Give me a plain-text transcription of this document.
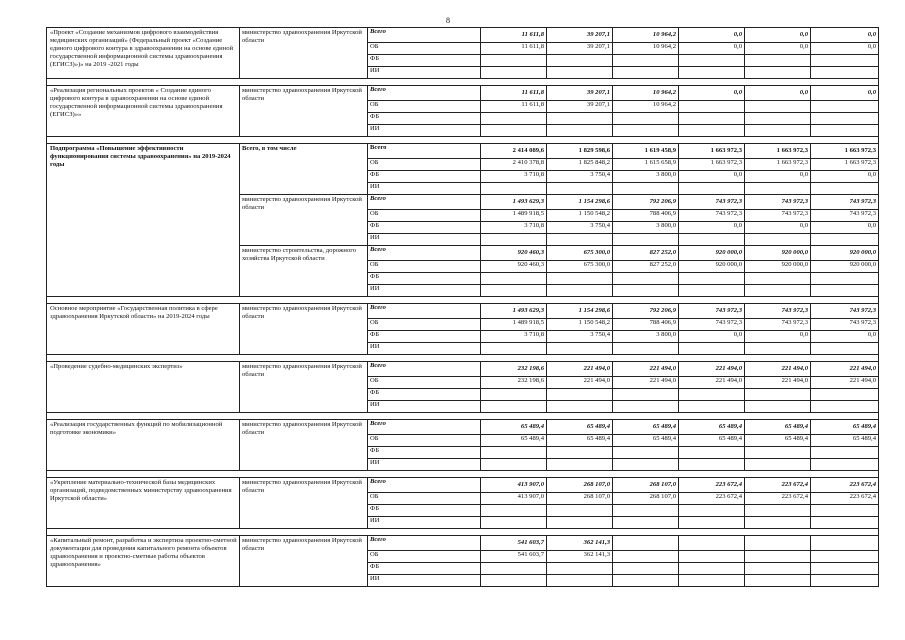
8
«Проект «Создание механизмов цифрового взаимодействия медицинских организаций» (Федеральный проект «Создание единого цифрового контура в здравоохранении на основе единой государственной информационной системы здравоохранения (ЕГИСЗ)»)» на 2019 -2021 годы	министерство здравоохранения Иркутской области	Всего	11 611,8	39 207,1	10 964,2	0,0	0,0	0,0
		ОБ	11 611,8	39 207,1	10 964,2	0,0	0,0	0,0
		ФБ						
		ИИ						

«Реализация региональных проектов « Создание единого цифрового контура в здравоохранении на основе единой государственной информационной системы здравоохранения (ЕГИСЗ)»»	министерство здравоохранения Иркутской области	Всего	11 611,8	39 207,1	10 964,2	0,0	0,0	0,0
		ОБ	11 611,8	39 207,1	10 964,2			
		ФБ						
		ИИ						

Подпрограмма «Повышение эффективности функционирования системы здравоохранения» на 2019-2024 годы	Всего, в том числе	Всего	2 414 089,6	1 829 598,6	1 619 458,9	1 663 972,3	1 663 972,3	1 663 972,3
		ОБ	2 410 378,8	1 825 848,2	1 615 658,9	1 663 972,3	1 663 972,3	1 663 972,3
		ФБ	3 710,8	3 750,4	3 800,0	0,0	0,0	0,0
		ИИ						
	министерство здравоохранения Иркутской области	Всего	1 493 629,3	1 154 298,6	792 206,9	743 972,3	743 972,3	743 972,3
		ОБ	1 489 918,5	1 150 548,2	788 406,9	743 972,3	743 972,3	743 972,3
		ФБ	3 710,8	3 750,4	3 800,0	0,0	0,0	0,0
		ИИ						
	министерство строительства, дорожного хозяйства Иркутской области	Всего	920 460,3	675 300,0	827 252,0	920 000,0	920 000,0	920 000,0
		ОБ	920 460,3	675 300,0	827 252,0	920 000,0	920 000,0	920 000,0
		ФБ						
		ИИ						

Основное мероприятие «Государственная политика в сфере здравоохранения Иркутской области» на 2019-2024 годы	министерство здравоохранения Иркутской области	Всего	1 493 629,3	1 154 298,6	792 206,9	743 972,3	743 972,3	743 972,3
		ОБ	1 489 918,5	1 150 548,2	788 406,9	743 972,3	743 972,3	743 972,3
		ФБ	3 710,8	3 750,4	3 800,0	0,0	0,0	0,0
		ИИ						

«Проведение судебно-медицинских экспертиз»	министерство здравоохранения Иркутской области	Всего	232 198,6	221 494,0	221 494,0	221 494,0	221 494,0	221 494,0
		ОБ	232 198,6	221 494,0	221 494,0	221 494,0	221 494,0	221 494,0
		ФБ						
		ИИ						

«Реализация государственных функций по мобилизационной подготовке экономики»	министерство здравоохранения Иркутской области	Всего	65 489,4	65 489,4	65 489,4	65 489,4	65 489,4	65 489,4
		ОБ	65 489,4	65 489,4	65 489,4	65 489,4	65 489,4	65 489,4
		ФБ						
		ИИ						

«Укрепление материально-технической базы медицинских организаций, подведомственных министерству здравоохранения Иркутской области»	министерство здравоохранения Иркутской области	Всего	413 907,0	268 107,0	268 107,0	223 672,4	223 672,4	223 672,4
		ОБ	413 907,0	268 107,0	268 107,0	223 672,4	223 672,4	223 672,4
		ФБ						
		ИИ						

«Капитальный ремонт, разработка и экспертиза проектно-сметной документации для проведения капитального ремонта объектов здравоохранения и проектно-сметные работы объектов здравоохранения»	министерство здравоохранения Иркутской области	Всего	541 603,7	362 141,3				
		ОБ	541 603,7	362 141,3				
		ФБ						
		ИИ						
